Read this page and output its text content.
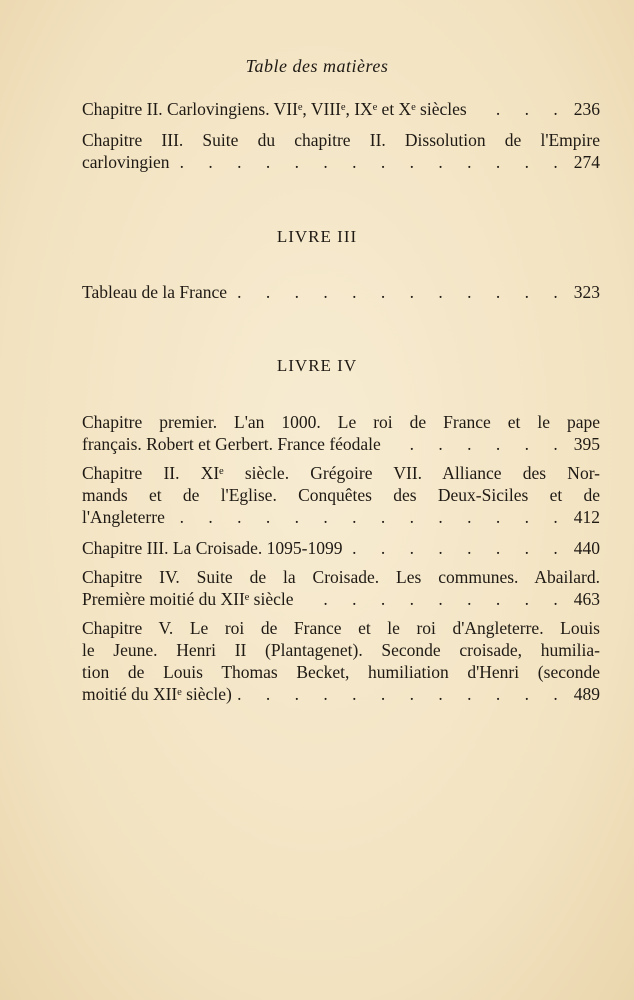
Table des matières
Chapitre II. Carlovingiens. VIIᵉ, VIIIᵉ, IXᵉ et Xᵉ siècles . . .	236
Chapitre III. Suite du chapitre II. Dissolution de l'Empire
carlovingien . . .	274
LIVRE III
Tableau de la France . . .	323
LIVRE IV
Chapitre premier. L'an 1000. Le roi de France et le pape
français. Robert et Gerbert. France féodale . . .	395
Chapitre II. XIᵉ siècle. Grégoire VII. Alliance des Nor-
mands et de l'Eglise. Conquêtes des Deux-Siciles et de
l'Angleterre . . .	412
Chapitre III. La Croisade. 1095-1099 . . .	440
Chapitre IV. Suite de la Croisade. Les communes. Abailard.
Première moitié du XIIᵉ siècle . . .	463
Chapitre V. Le roi de France et le roi d'Angleterre. Louis
le Jeune. Henri II (Plantagenet). Seconde croisade, humilia-
tion de Louis Thomas Becket, humiliation d'Henri (seconde
moitié du XIIᵉ siècle) . . .	489
